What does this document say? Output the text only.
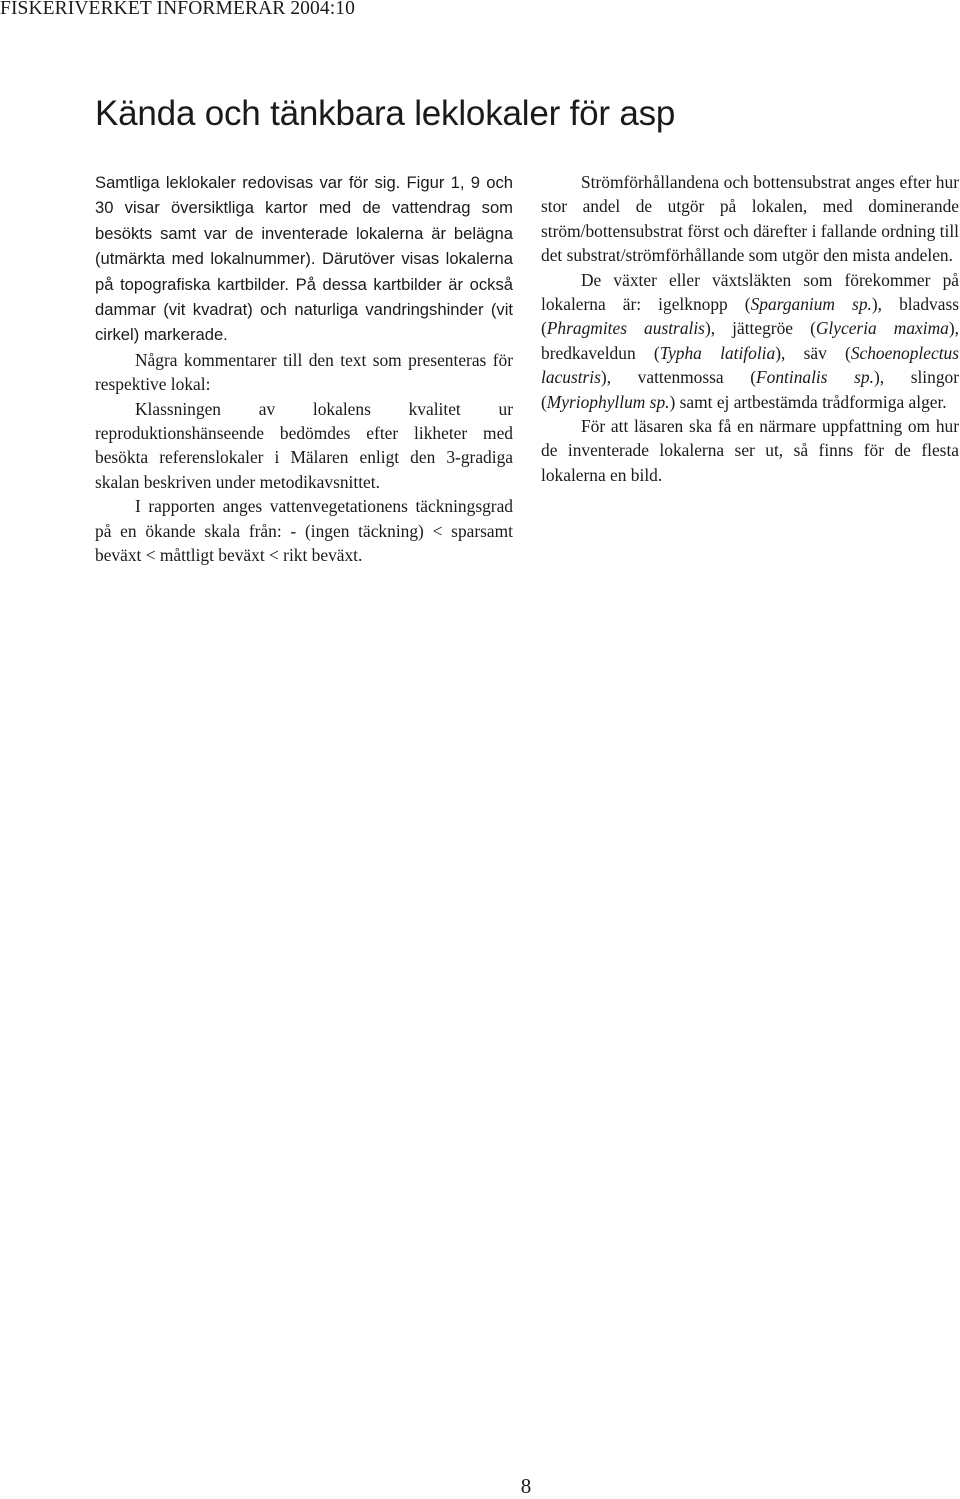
FISKERIVERKET INFORMERAR 2004:10
Kända och tänkbara leklokaler för asp

Samtliga leklokaler redovisas var för sig. Figur 1, 9 och 30 visar översiktliga kartor med de vattendrag som besökts samt var de inventerade lokalerna är belägna (utmärkta med lokalnummer). Därutöver visas lokalerna på topografiska kartbilder. På dessa kartbilder är också dammar (vit kvadrat) och naturliga vandringshinder (vit cirkel) markerade.

Några kommentarer till den text som presenteras för respektive lokal:

Klassningen av lokalens kvalitet ur reproduktionshänseende bedömdes efter likheter med besökta referenslokaler i Mälaren enligt den 3-gradiga skalan beskriven under metodikavsnittet.

I rapporten anges vattenvegetationens täckningsgrad på en ökande skala från: - (ingen täckning) < sparsamt beväxt < måttligt beväxt < rikt beväxt.

Strömförhållandena och bottensubstrat anges efter hur stor andel de utgör på lokalen, med dominerande ström/bottensubstrat först och därefter i fallande ordning till det substrat/strömförhållande som utgör den mista andelen.

De växter eller växtsläkten som förekommer på lokalerna är: igelknopp (Sparganium sp.), bladvass (Phragmites australis), jättegröe (Glyceria maxima), bredkaveldun (Typha latifolia), säv (Schoenoplectus lacustris), vattenmossa (Fontinalis sp.), slingor (Myriophyllum sp.) samt ej artbestämda trådformiga alger.

För att läsaren ska få en närmare uppfattning om hur de inventerade lokalerna ser ut, så finns för de flesta lokalerna en bild.

8
